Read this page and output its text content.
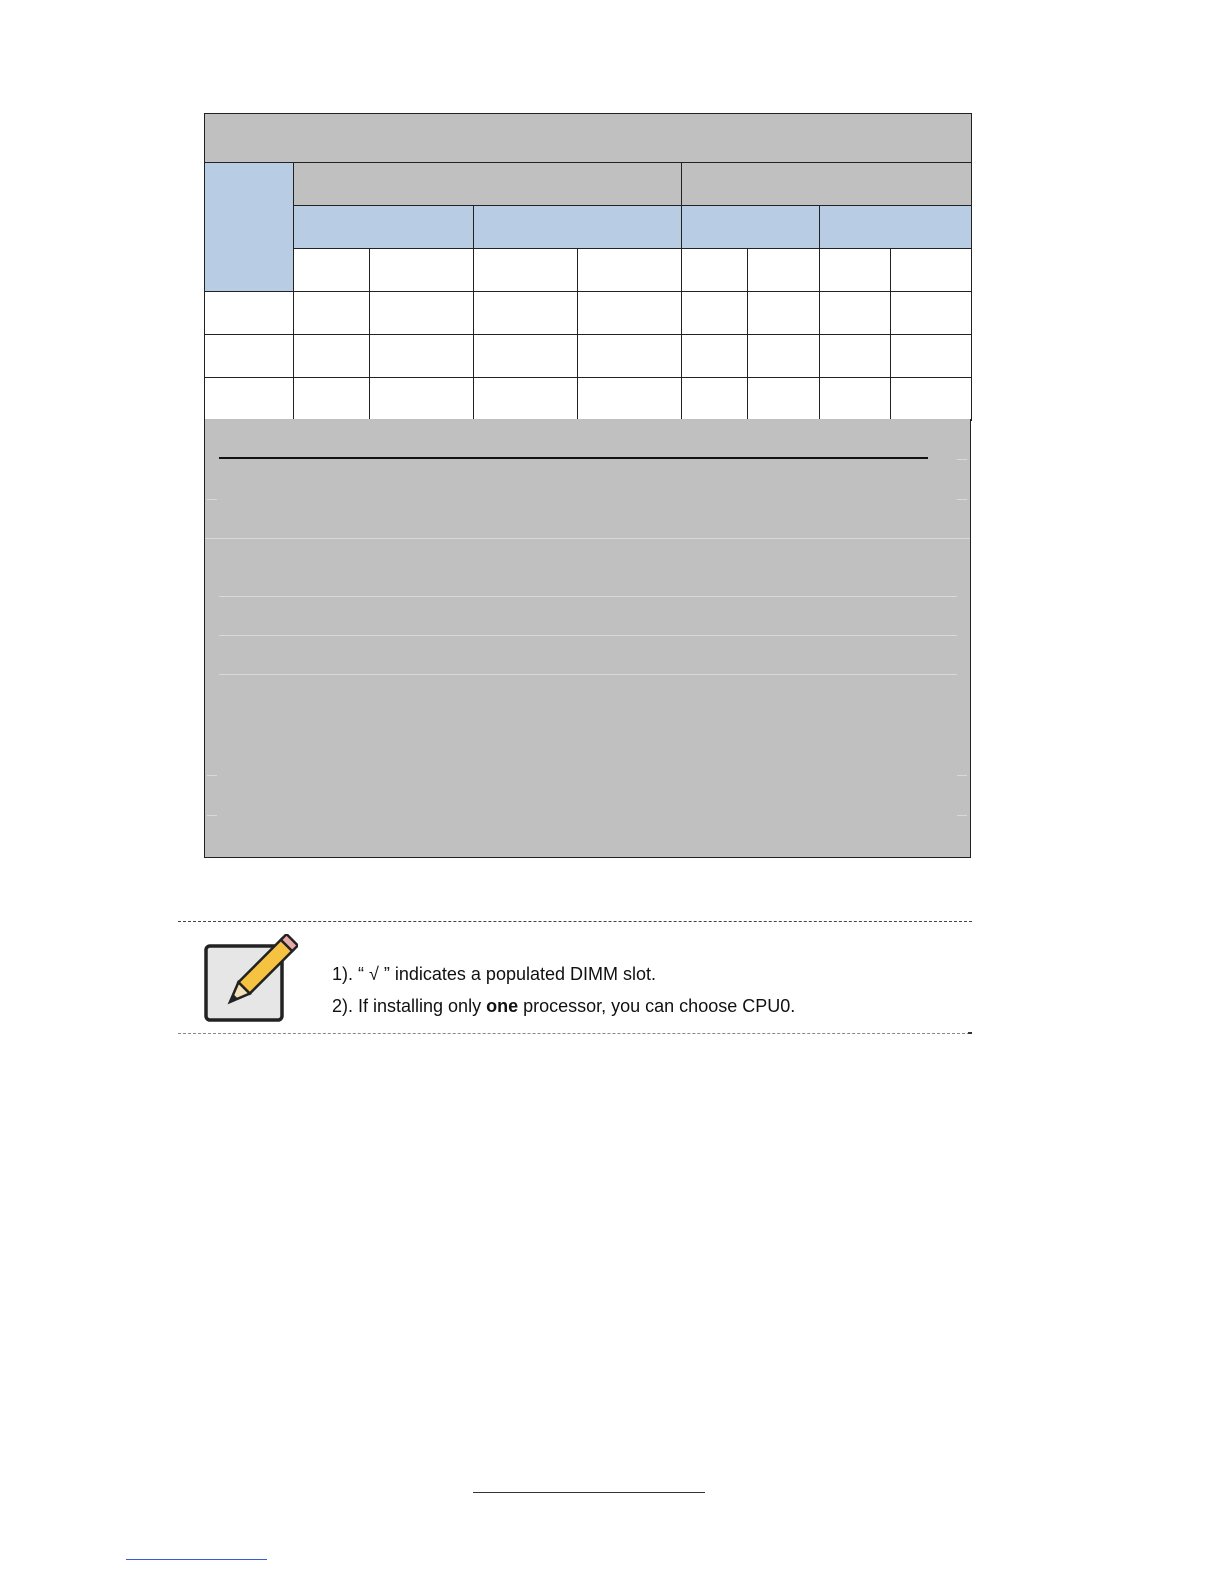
1). “ √ ” indicates a populated DIMM slot.
2). If installing only one processor, you can choose CPU0.
